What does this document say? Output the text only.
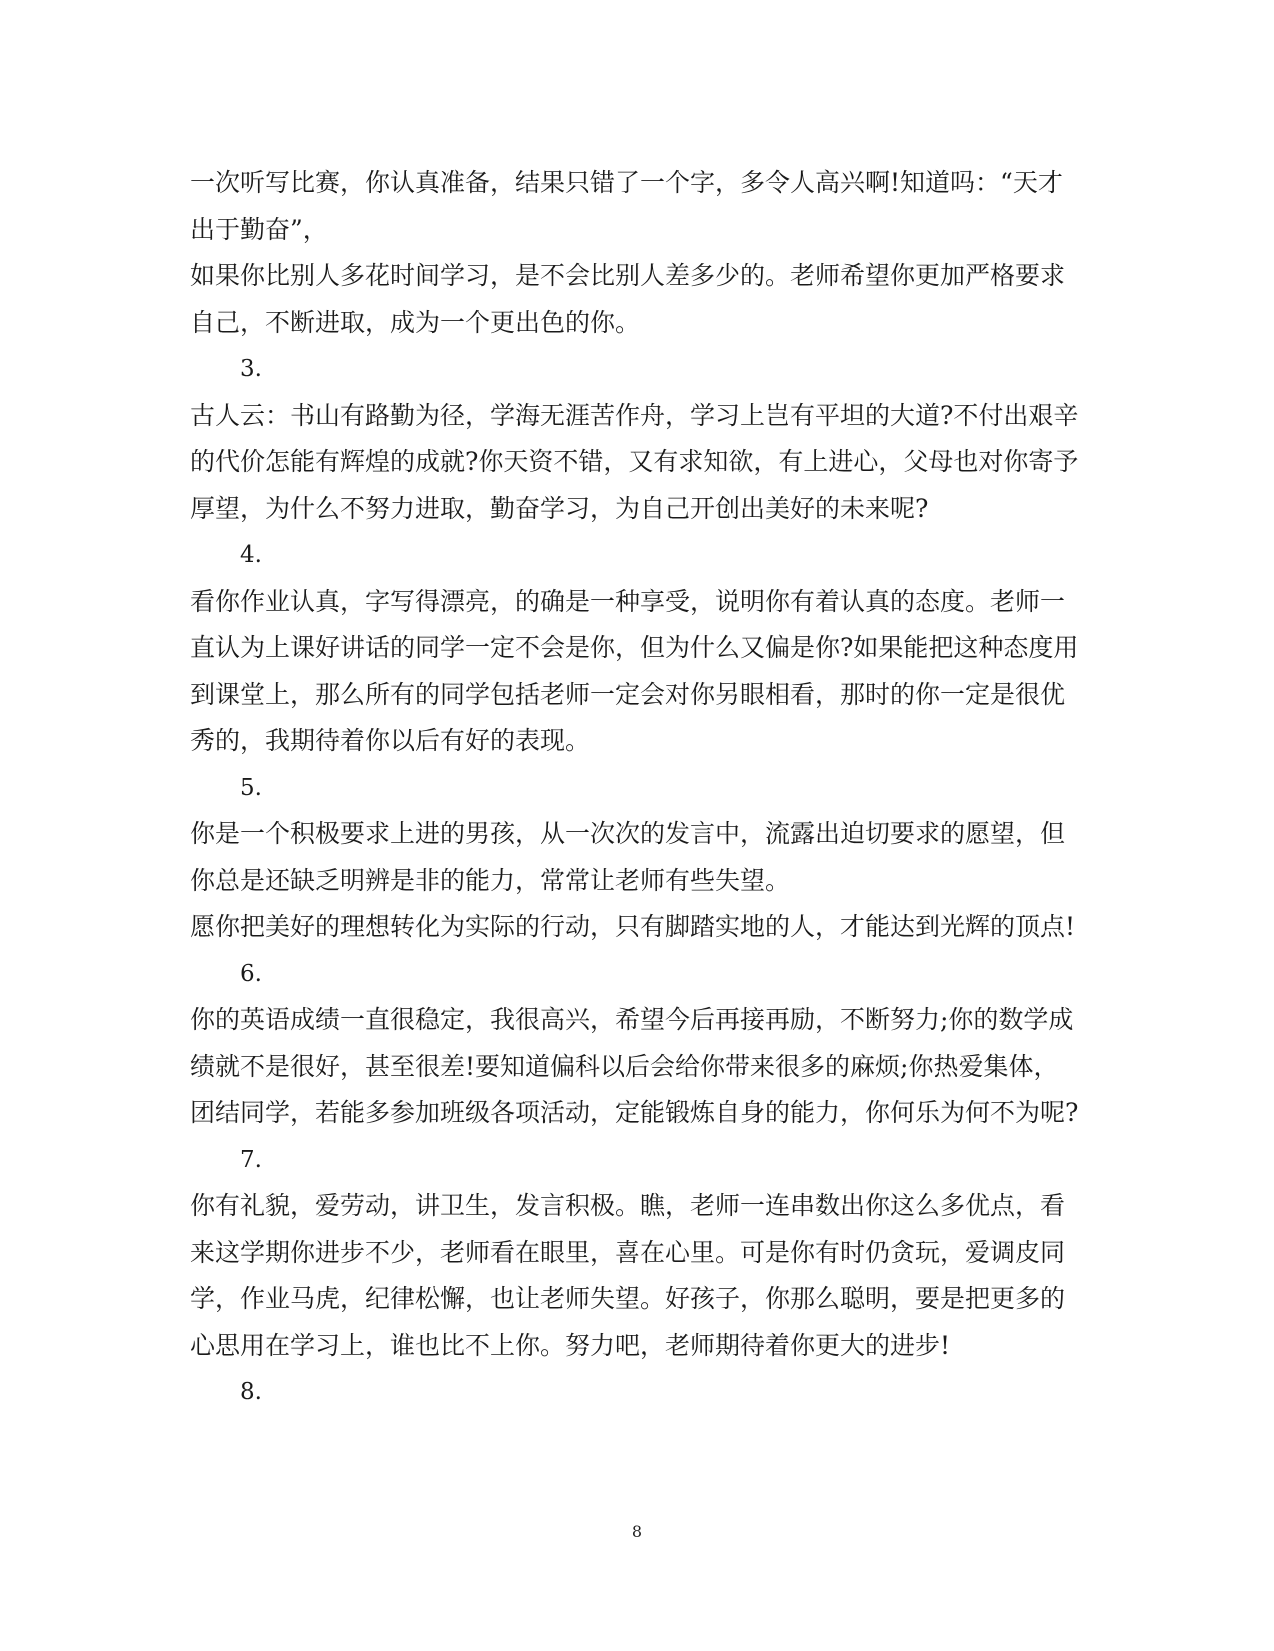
一次听写比赛，你认真准备，结果只错了一个字，多令人高兴啊!知道吗：“天才出于勤奋”，

如果你比别人多花时间学习，是不会比别人差多少的。老师希望你更加严格要求自己，不断进取，成为一个更出色的你。

3.

古人云：书山有路勤为径，学海无涯苦作舟，学习上岂有平坦的大道?不付出艰辛的代价怎能有辉煌的成就?你天资不错，又有求知欲，有上进心，父母也对你寄予厚望，为什么不努力进取，勤奋学习，为自己开创出美好的未来呢?

4.

看你作业认真，字写得漂亮，的确是一种享受，说明你有着认真的态度。老师一直认为上课好讲话的同学一定不会是你，但为什么又偏是你?如果能把这种态度用到课堂上，那么所有的同学包括老师一定会对你另眼相看，那时的你一定是很优秀的，我期待着你以后有好的表现。

5.

你是一个积极要求上进的男孩，从一次次的发言中，流露出迫切要求的愿望，但你总是还缺乏明辨是非的能力，常常让老师有些失望。

愿你把美好的理想转化为实际的行动，只有脚踏实地的人，才能达到光辉的顶点!

6.

你的英语成绩一直很稳定，我很高兴，希望今后再接再励，不断努力;你的数学成绩就不是很好，甚至很差!要知道偏科以后会给你带来很多的麻烦;你热爱集体，团结同学，若能多参加班级各项活动，定能锻炼自身的能力，你何乐为何不为呢?

7.

你有礼貌，爱劳动，讲卫生，发言积极。瞧，老师一连串数出你这么多优点，看来这学期你进步不少，老师看在眼里，喜在心里。可是你有时仍贪玩，爱调皮同学，作业马虎，纪律松懈，也让老师失望。好孩子，你那么聪明，要是把更多的心思用在学习上，谁也比不上你。努力吧，老师期待着你更大的进步!

8.

8
